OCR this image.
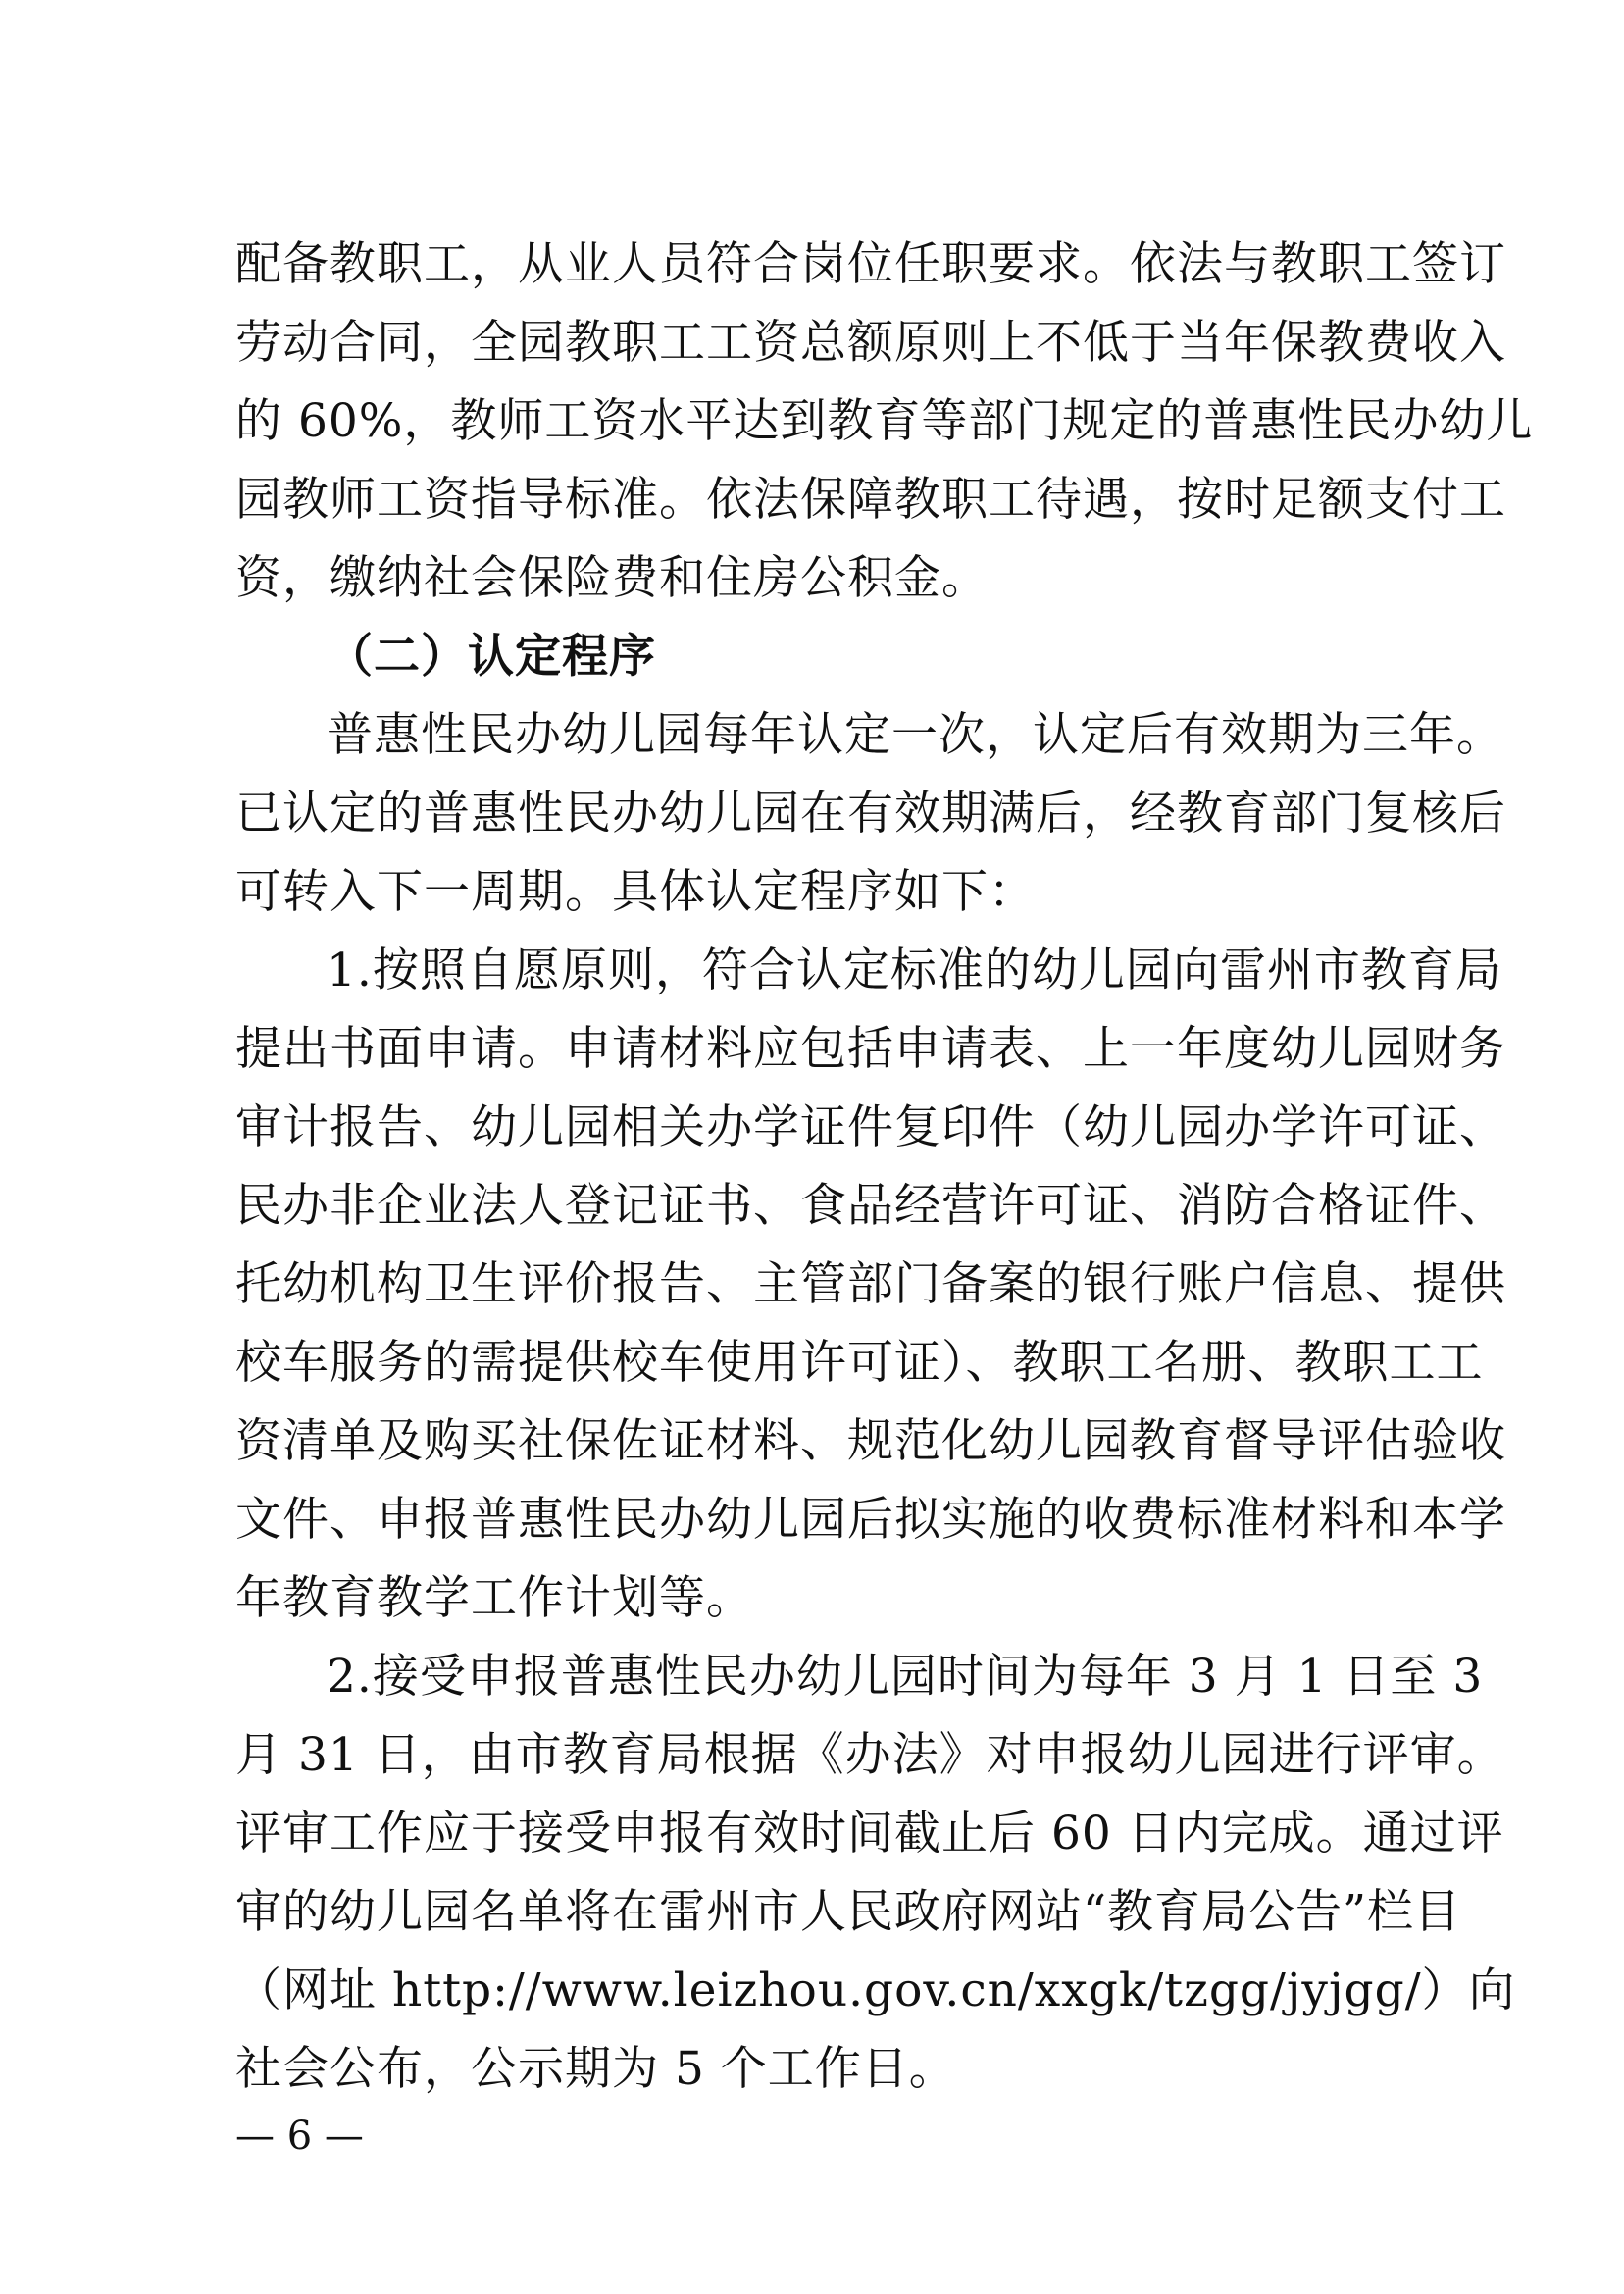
配备教职工，从业人员符合岗位任职要求。依法与教职工签订
劳动合同，全园教职工工资总额原则上不低于当年保教费收入
的 60%，教师工资水平达到教育等部门规定的普惠性民办幼儿
园教师工资指导标准。依法保障教职工待遇，按时足额支付工
资，缴纳社会保险费和住房公积金。
（二）认定程序
普惠性民办幼儿园每年认定一次，认定后有效期为三年。
已认定的普惠性民办幼儿园在有效期满后，经教育部门复核后
可转入下一周期。具体认定程序如下：
1.按照自愿原则，符合认定标准的幼儿园向雷州市教育局
提出书面申请。申请材料应包括申请表、上一年度幼儿园财务
审计报告、幼儿园相关办学证件复印件（幼儿园办学许可证、
民办非企业法人登记证书、食品经营许可证、消防合格证件、
托幼机构卫生评价报告、主管部门备案的银行账户信息、提供
校车服务的需提供校车使用许可证）、教职工名册、教职工工
资清单及购买社保佐证材料、规范化幼儿园教育督导评估验收
文件、申报普惠性民办幼儿园后拟实施的收费标准材料和本学
年教育教学工作计划等。
2.接受申报普惠性民办幼儿园时间为每年 3 月 1 日至 3
月 31 日，由市教育局根据《办法》对申报幼儿园进行评审。
评审工作应于接受申报有效时间截止后 60 日内完成。通过评
审的幼儿园名单将在雷州市人民政府网站“教育局公告”栏目
（网址 http://www.leizhou.gov.cn/xxgk/tzgg/jyjgg/）向
社会公布，公示期为 5 个工作日。
— 6 —
